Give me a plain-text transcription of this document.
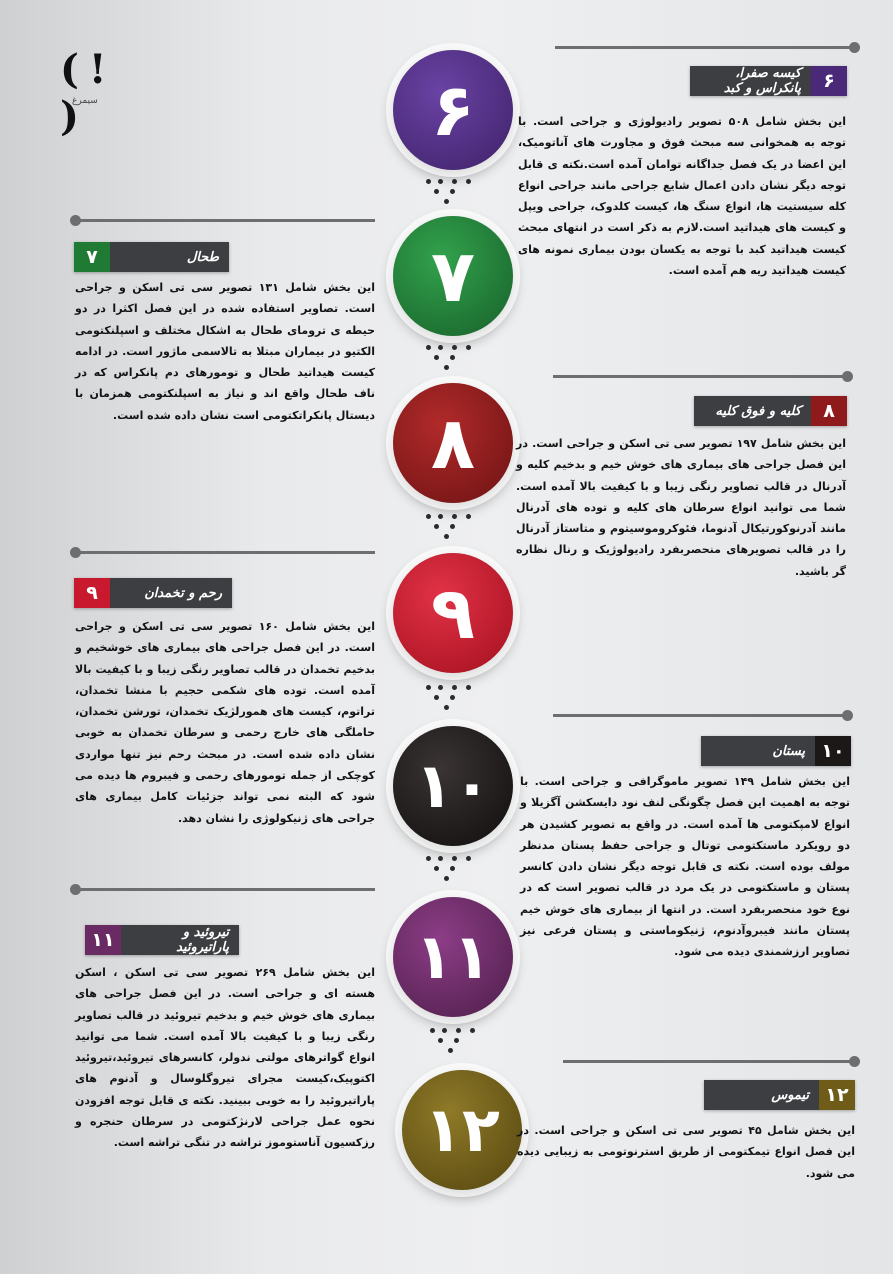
( ! )
سیمرغ	۶	۶
کیسه صفرا، پانکراس و کبد
این بخش شامل ۵۰۸ تصویر رادیولوژی و جراحی است. با توجه به همخوانی سه مبحث فوق و مجاورت های آناتومیک، این اعضا در یک فصل جداگانه توامان آمده است.نکته ی قابل توجه دیگر نشان دادن اعمال شایع جراحی مانند جراحی انواع کله سیستیت ها، انواع سنگ ها، کیست کلدوک، جراحی ویپل و کیست های هیداتید است.لازم به ذکر است در انتهای مبحث کیست هیداتید کبد با توجه به یکسان بودن بیماری نمونه های کیست هیداتید ریه هم آمده است.
۷
۷	طحال
این بخش شامل ۱۳۱ تصویر سی تی اسکن و جراحی است. تصاویر استفاده شده در این فصل اکثرا در دو حیطه ی ترومای طحال به اشکال مختلف و اسپلنکتومی الکتیو در بیماران مبتلا به تالاسمی ماژور است. در ادامه کیست هیداتید طحال و تومورهای دم پانکراس که در ناف طحال واقع اند و نیاز به اسپلنکتومی همزمان با دیستال پانکراتکتومی است نشان داده شده است. ۸	۸
کلیه و فوق کلیه
این بخش شامل ۱۹۷ تصویر سی تی اسکن و جراحی است. در این فصل جراحی های بیماری های خوش خیم و بدخیم کلیه و آدرنال در قالب تصاویر رنگی زیبا و با کیفیت بالا آمده است. شما می توانید انواع سرطان های کلیه و توده های آدرنال مانند آدرنوکورتیکال آدنوما، فئوکروموسیتوم و متاستاز آدرنال را در قالب تصویرهای منحصربفرد رادیولوژیک و رنال نظاره گر باشید.
۹
۹	رحم و تخمدان
این بخش شامل ۱۶۰ تصویر سی تی اسکن و جراحی است. در این فصل جراحی های بیماری های خوشخیم و بدخیم تخمدان در قالب تصاویر رنگی زیبا و با کیفیت بالا آمده است. توده های شکمی حجیم با منشا تخمدان، تراتوم، کیست های همورلژیک تخمدان، تورشن تخمدان، حاملگی های خارج رحمی و سرطان تخمدان به خوبی نشان داده شده است. در مبحث رحم نیز تنها مواردی کوچکی از جمله تومورهای رحمی و فیبروم ها دیده می شود که البته نمی تواند جزئیات کامل بیماری های جراحی های ژنیکولوژی را نشان دهد. ۱۰	۱۰
پستان
این بخش شامل ۱۴۹ تصویر ماموگرافی و جراحی است. با توجه به اهمیت این فصل چگونگی لنف نود دایسکشن آگزیلا و انواع لامپکتومی ها آمده است. در واقع به تصویر کشیدن هر دو رویکرد ماستکتومی توتال و جراحی حفظ پستان مدنظر مولف بوده است. نکته ی قابل توجه دیگر نشان دادن کانسر پستان و ماستکتومی در یک مرد در قالب تصویر است که در نوع خود منحصربفرد است. در انتها از بیماری های خوش خیم پستان مانند فیبروآدنوم، ژنیکوماستی و پستان فرعی نیز تصاویر ارزشمندی دیده می شود.
۱۱
۱۱	تیروئید و پاراتیروئید
این بخش شامل ۲۶۹ تصویر سی تی اسکن ، اسکن هسته ای و جراحی است. در این فصل جراحی های بیماری های خوش خیم و بدخیم تیروئید در قالب تصاویر رنگی زیبا و با کیفیت بالا آمده است. شما می توانید انواع گواترهای مولتی ندولر، کانسرهای تیروئید،تیروئید اکتوپیک،کیست مجرای تیروگلوسال و آدنوم های پاراتیروئید را به خوبی ببینید. نکته ی قابل توجه افزودن نحوه عمل جراحی لارنژکتومی در سرطان حنجره و رزکسیون آناستوموز تراشه در تنگی تراشه است. ۱۲	۱۲
تیموس
این بخش شامل ۴۵ تصویر سی تی اسکن و جراحی است. در این فصل انواع تیمکتومی از طریق استرنوتومی به زیبایی دیده می شود.
